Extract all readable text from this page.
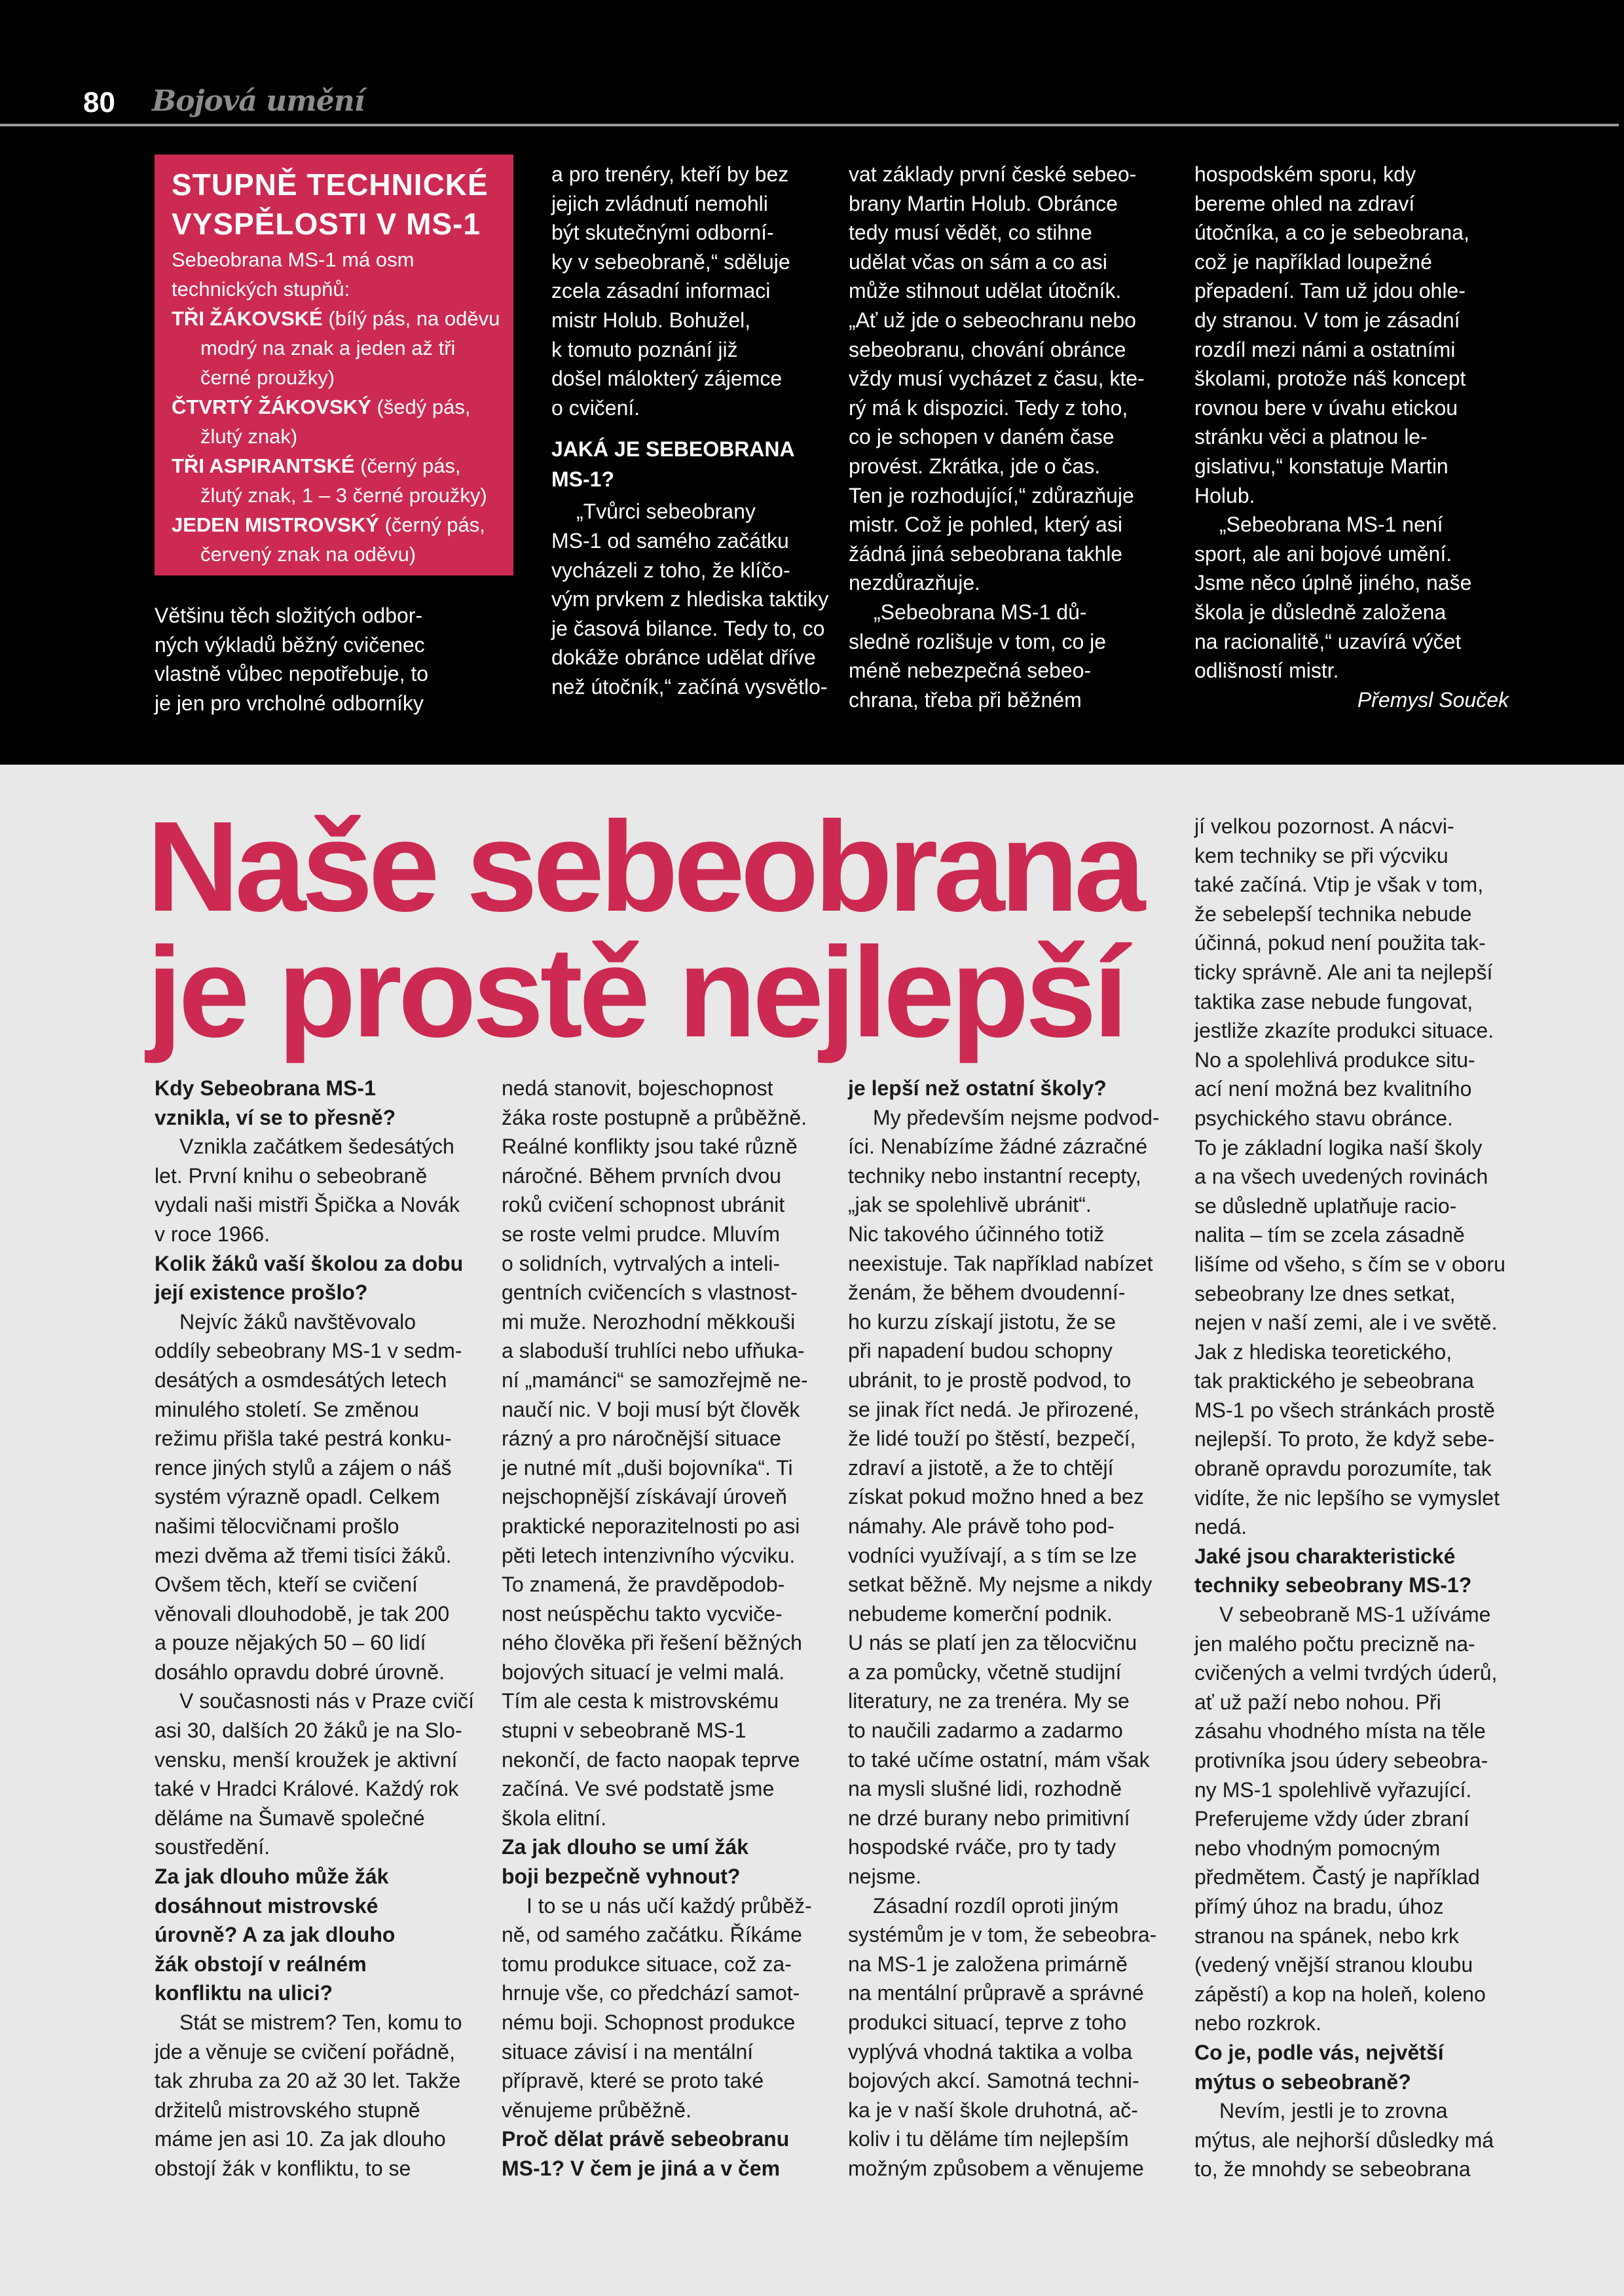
80 Bojová umění
STUPNĚ TECHNICKÉ
VYSPĚLOSTI V MS-1
Sebeobrana MS-1 má osm technických stupňů:
TŘI ŽÁKOVSKÉ (bílý pás, na oděvu modrý na znak a jeden až tři černé proužky)
ČTVRTÝ ŽÁKOVSKÝ (šedý pás, žlutý znak)
TŘI ASPIRANTSKÉ (černý pás, žlutý znak, 1 – 3 černé proužky)
JEDEN MISTROVSKÝ (černý pás, červený znak na oděvu)

Většinu těch složitých odbor-
ných výkladů běžný cvičenec
vlastně vůbec nepotřebuje, to
je jen pro vrcholné odborníky

a pro trenéry, kteří by bez
jejich zvládnutí nemohli
být skutečnými odborní-
ky v sebeobraně,“ sděluje
zcela zásadní informaci
mistr Holub. Bohužel,
k tomuto poznání již
došel málokterý zájemce
o cvičení.

JAKÁ JE SEBEOBRANA
MS-1?

„Tvůrci sebeobrany
MS-1 od samého začátku
vycházeli z toho, že klíčo-
vým prvkem z hlediska taktiky
je časová bilance. Tedy to, co
dokáže obránce udělat dříve
než útočník,“ začíná vysvětlo-

vat základy první české sebeo-
brany Martin Holub. Obránce
tedy musí vědět, co stihne
udělat včas on sám a co asi
může stihnout udělat útočník.
„Ať už jde o sebeochranu nebo
sebeobranu, chování obránce
vždy musí vycházet z času, kte-
rý má k dispozici. Tedy z toho,
co je schopen v daném čase
provést. Zkrátka, jde o čas.
Ten je rozhodující,“ zdůrazňuje
mistr. Což je pohled, který asi
žádná jiná sebeobrana takhle
nezdůrazňuje.

„Sebeobrana MS-1 dů-
sledně rozlišuje v tom, co je
méně nebezpečná sebeo-
chrana, třeba při běžném

hospodském sporu, kdy
bereme ohled na zdraví
útočníka, a co je sebeobrana,
což je například loupežné
přepadení. Tam už jdou ohle-
dy stranou. V tom je zásadní
rozdíl mezi námi a ostatními
školami, protože náš koncept
rovnou bere v úvahu etickou
stránku věci a platnou le-
gislativu,“ konstatuje Martin
Holub.

„Sebeobrana MS-1 není
sport, ale ani bojové umění.
Jsme něco úplně jiného, naše
škola je důsledně založena
na racionalitě,“ uzavírá výčet
odlišností mistr.

Přemysl Souček

Naše sebeobrana
je prostě nejlepší

Kdy Sebeobrana MS-1
vznikla, ví se to přesně?

Vznikla začátkem šedesátých
let. První knihu o sebeobraně
vydali naši mistři Špička a Novák
v roce 1966.

Kolik žáků vaší školou za dobu
její existence prošlo?

Nejvíc žáků navštěvovalo
oddíly sebeobrany MS-1 v sedm-
desátých a osmdesátých letech
minulého století. Se změnou
režimu přišla také pestrá konku-
rence jiných stylů a zájem o náš
systém výrazně opadl. Celkem
našimi tělocvičnami prošlo
mezi dvěma až třemi tisíci žáků.
Ovšem těch, kteří se cvičení
věnovali dlouhodobě, je tak 200
a pouze nějakých 50 – 60 lidí
dosáhlo opravdu dobré úrovně.

V současnosti nás v Praze cvičí
asi 30, dalších 20 žáků je na Slo-
vensku, menší kroužek je aktivní
také v Hradci Králové. Každý rok
děláme na Šumavě společné
soustředění.

Za jak dlouho může žák
dosáhnout mistrovské
úrovně? A za jak dlouho
žák obstojí v reálném
konfliktu na ulici?

Stát se mistrem? Ten, komu to
jde a věnuje se cvičení pořádně,
tak zhruba za 20 až 30 let. Takže
držitelů mistrovského stupně
máme jen asi 10. Za jak dlouho
obstojí žák v konfliktu, to se

nedá stanovit, bojeschopnost
žáka roste postupně a průběžně.
Reálné konflikty jsou také různě
náročné. Během prvních dvou
roků cvičení schopnost ubránit
se roste velmi prudce. Mluvím
o solidních, vytrvalých a inteli-
gentních cvičencích s vlastnost-
mi muže. Nerozhodní měkkouši
a slaboduší truhlíci nebo ufňuka-
ní „mamánci“ se samozřejmě ne-
naučí nic. V boji musí být člověk
rázný a pro náročnější situace
je nutné mít „duši bojovníka“. Ti
nejschopnější získávají úroveň
praktické neporazitelnosti po asi
pěti letech intenzivního výcviku.
To znamená, že pravděpodob-
nost neúspěchu takto vycviče-
ného člověka při řešení běžných
bojových situací je velmi malá.
Tím ale cesta k mistrovskému
stupni v sebeobraně MS-1
nekončí, de facto naopak teprve
začíná. Ve své podstatě jsme
škola elitní.

Za jak dlouho se umí žák
boji bezpečně vyhnout?

I to se u nás učí každý průběž-
ně, od samého začátku. Říkáme
tomu produkce situace, což za-
hrnuje vše, co předchází samot-
nému boji. Schopnost produkce
situace závisí i na mentální
přípravě, které se proto také
věnujeme průběžně.

Proč dělat právě sebeobranu
MS-1? V čem je jiná a v čem

je lepší než ostatní školy?

My především nejsme podvod-
íci. Nenabízíme žádné zázračné
techniky nebo instantní recepty,
„jak se spolehlivě ubránit“.
Nic takového účinného totiž
neexistuje. Tak například nabízet
ženám, že během dvoudenní-
ho kurzu získají jistotu, že se
při napadení budou schopny
ubránit, to je prostě podvod, to
se jinak říct nedá. Je přirozené,
že lidé touží po štěstí, bezpečí,
zdraví a jistotě, a že to chtějí
získat pokud možno hned a bez
námahy. Ale právě toho pod-
vodníci využívají, a s tím se lze
setkat běžně. My nejsme a nikdy
nebudeme komerční podnik.
U nás se platí jen za tělocvičnu
a za pomůcky, včetně studijní
literatury, ne za trenéra. My se
to naučili zadarmo a zadarmo
to také učíme ostatní, mám však
na mysli slušné lidi, rozhodně
ne drzé burany nebo primitivní
hospodské rváče, pro ty tady
nejsme.

Zásadní rozdíl oproti jiným
systémům je v tom, že sebeobra-
na MS-1 je založena primárně
na mentální průpravě a správné
produkci situací, teprve z toho
vyplývá vhodná taktika a volba
bojových akcí. Samotná techni-
ka je v naší škole druhotná, ač-
koliv i tu děláme tím nejlepším
možným způsobem a věnujeme

jí velkou pozornost. A nácvi-
kem techniky se při výcviku
také začíná. Vtip je však v tom,
že sebelepší technika nebude
účinná, pokud není použita tak-
ticky správně. Ale ani ta nejlepší
taktika zase nebude fungovat,
jestliže zkazíte produkci situace.
No a spolehlivá produkce situ-
ací není možná bez kvalitního
psychického stavu obránce.
To je základní logika naší školy
a na všech uvedených rovinách
se důsledně uplatňuje racio-
nalita – tím se zcela zásadně
lišíme od všeho, s čím se v oboru
sebeobrany lze dnes setkat,
nejen v naší zemi, ale i ve světě.
Jak z hlediska teoretického,
tak praktického je sebeobrana
MS-1 po všech stránkách prostě
nejlepší. To proto, že když sebe-
obraně opravdu porozumíte, tak
vidíte, že nic lepšího se vymyslet
nedá.

Jaké jsou charakteristické
techniky sebeobrany MS-1?

V sebeobraně MS-1 užíváme
jen malého počtu precizně na-
cvičených a velmi tvrdých úderů,
ať už paží nebo nohou. Při
zásahu vhodného místa na těle
protivníka jsou údery sebeobra-
ny MS-1 spolehlivě vyřazující.
Preferujeme vždy úder zbraní
nebo vhodným pomocným
předmětem. Častý je například
přímý úhoz na bradu, úhoz
stranou na spánek, nebo krk
(vedený vnější stranou kloubu
zápěstí) a kop na holeň, koleno
nebo rozkrok.

Co je, podle vás, největší
mýtus o sebeobraně?

Nevím, jestli je to zrovna
mýtus, ale nejhorší důsledky má
to, že mnohdy se sebeobrana
